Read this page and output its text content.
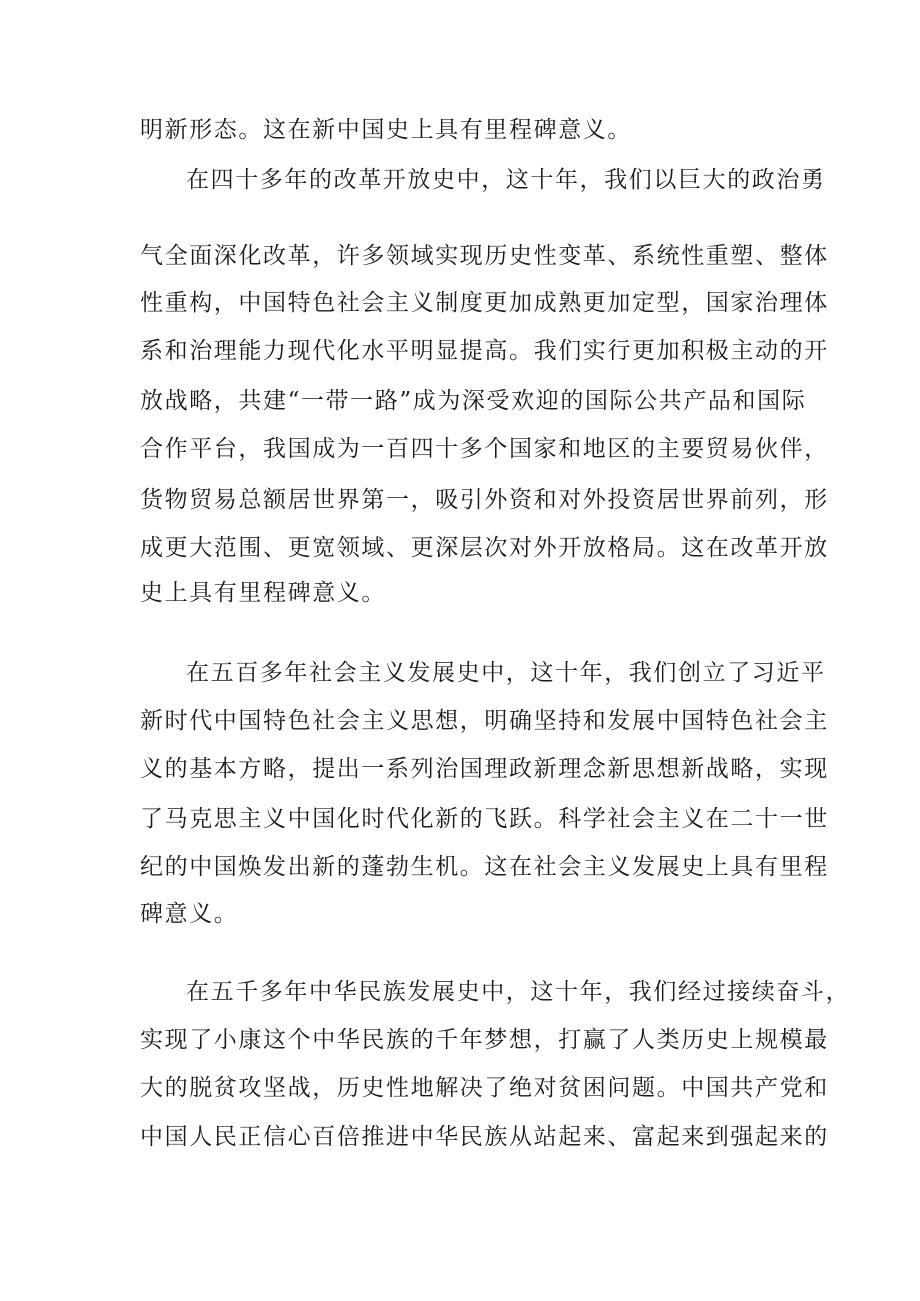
明新形态。这在新中国史上具有里程碑意义。
在四十多年的改革开放史中，这十年，我们以巨大的政治勇
气全面深化改革，许多领域实现历史性变革、系统性重塑、整体
性重构，中国特色社会主义制度更加成熟更加定型，国家治理体
系和治理能力现代化水平明显提高。我们实行更加积极主动的开
放战略，共建“一带一路”成为深受欢迎的国际公共产品和国际
合作平台，我国成为一百四十多个国家和地区的主要贸易伙伴，
货物贸易总额居世界第一，吸引外资和对外投资居世界前列，形
成更大范围、更宽领域、更深层次对外开放格局。这在改革开放
史上具有里程碑意义。
在五百多年社会主义发展史中，这十年，我们创立了习近平
新时代中国特色社会主义思想，明确坚持和发展中国特色社会主
义的基本方略，提出一系列治国理政新理念新思想新战略，实现
了马克思主义中国化时代化新的飞跃。科学社会主义在二十一世
纪的中国焕发出新的蓬勃生机。这在社会主义发展史上具有里程
碑意义。
在五千多年中华民族发展史中，这十年，我们经过接续奋斗，
实现了小康这个中华民族的千年梦想，打赢了人类历史上规模最
大的脱贫攻坚战，历史性地解决了绝对贫困问题。中国共产党和
中国人民正信心百倍推进中华民族从站起来、富起来到强起来的
